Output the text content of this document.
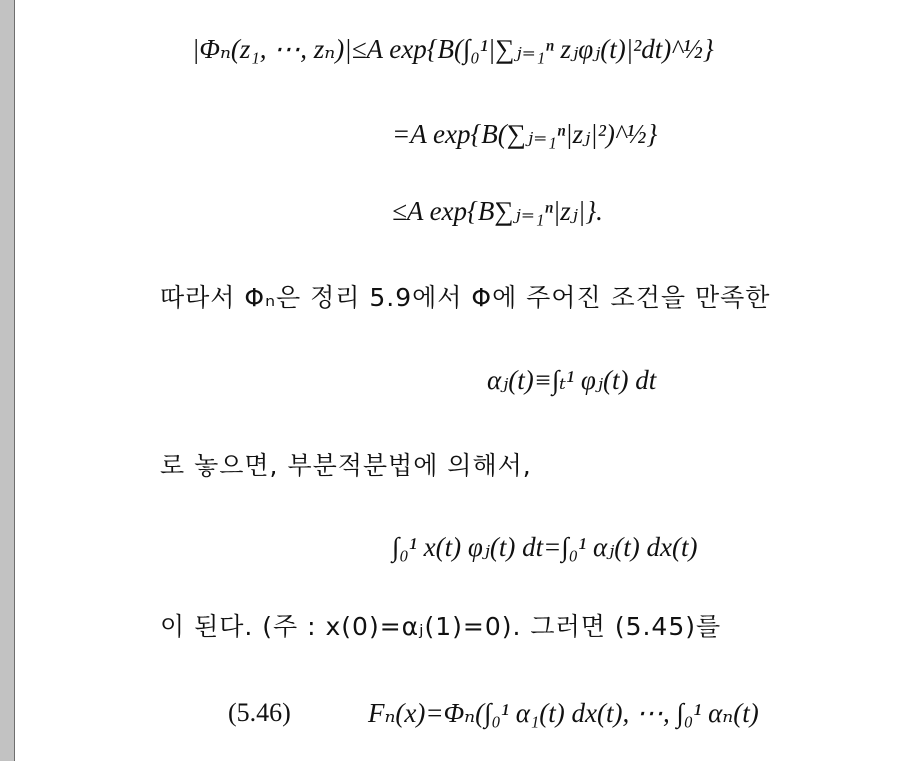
|Φₙ(z₁, ⋯, zₙ)|≤A exp{B(∫₀¹|∑ⱼ₌₁ⁿ zⱼφⱼ(t)|²dt)^½}
=A exp{B(∑ⱼ₌₁ⁿ|zⱼ|²)^½}
≤A exp{B∑ⱼ₌₁ⁿ|zⱼ|}.
따라서 Φₙ은 정리 5.9에서 Φ에 주어진 조건을 만족한
αⱼ(t)≡∫ₜ¹ φⱼ(t) dt
로 놓으면, 부분적분법에 의해서,
∫₀¹ x(t) φⱼ(t) dt=∫₀¹ αⱼ(t) dx(t)
이 된다. (주 : x(0)=αⱼ(1)=0). 그러면 (5.45)를
(5.46)	Fₙ(x)=Φₙ(∫₀¹ α₁(t) dx(t), ⋯, ∫₀¹ αₙ(t)
